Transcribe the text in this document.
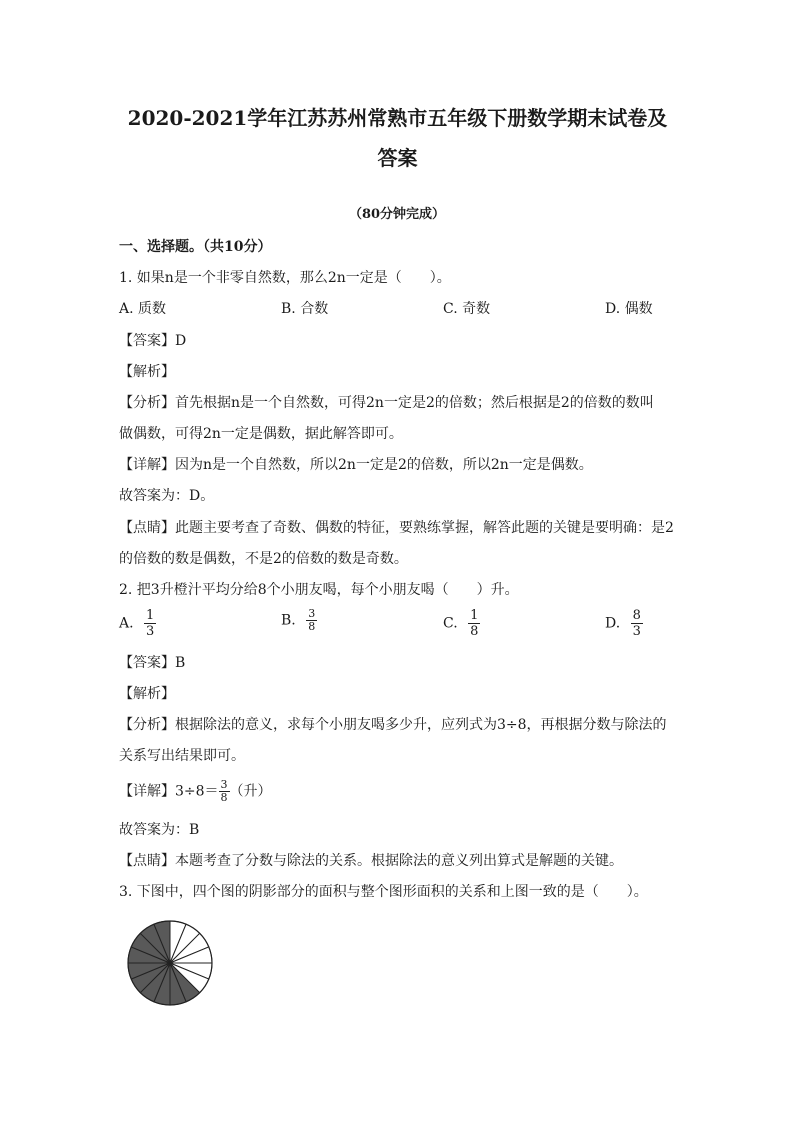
2020-2021学年江苏苏州常熟市五年级下册数学期末试卷及
答案
（80分钟完成）
一、选择题。（共10分）
1. 如果n是一个非零自然数，那么2n一定是（　　）。
A. 质数	B. 合数	C. 奇数	D. 偶数
【答案】D
【解析】
【分析】首先根据n是一个自然数，可得2n一定是2的倍数；然后根据是2的倍数的数叫
做偶数，可得2n一定是偶数，据此解答即可。
【详解】因为n是一个自然数，所以2n一定是2的倍数，所以2n一定是偶数。
故答案为：D。
【点睛】此题主要考查了奇数、偶数的特征，要熟练掌握，解答此题的关键是要明确：是2
的倍数的数是偶数，不是2的倍数的数是奇数。
2. 把3升橙汁平均分给8个小朋友喝，每个小朋友喝（　　）升。
A. $\frac{1}{3}$	B. $\frac{3}{8}$	C. $\frac{1}{8}$	D. $\frac{8}{3}$
【答案】B
【解析】
【分析】根据除法的意义，求每个小朋友喝多少升，应列式为3÷8，再根据分数与除法的
关系写出结果即可。
【详解】$3\div 8= \frac{3}{8}$ （升）
故答案为：B
【点睛】本题考查了分数与除法的关系。根据除法的意义列出算式是解题的关键。
3. 下图中，四个图的阴影部分的面积与整个图形面积的关系和上图一致的是（　　）。
